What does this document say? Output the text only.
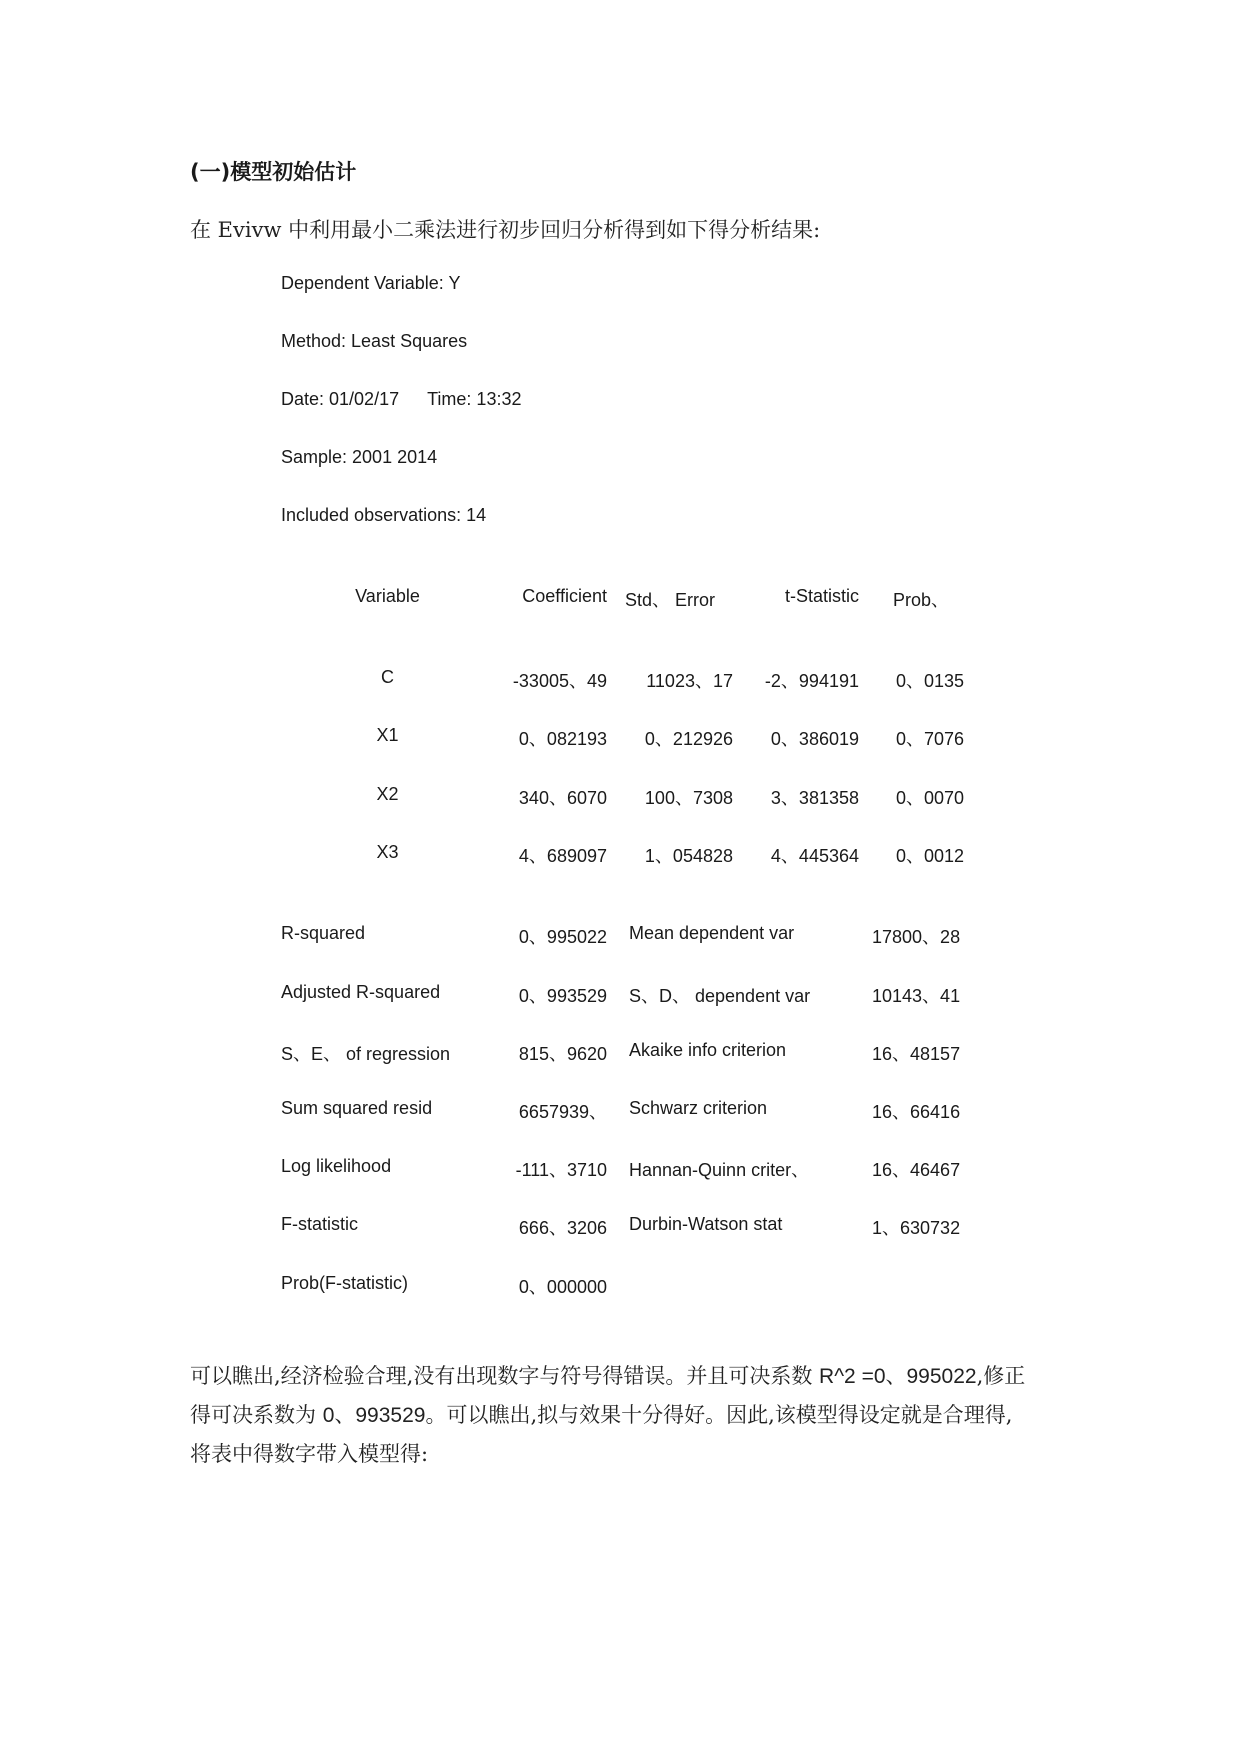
(一)模型初始估计
在 Evivw 中利用最小二乘法进行初步回归分析得到如下得分析结果:
Dependent Variable: Y
Method: Least Squares
Date: 01/02/17 Time: 13:32
Sample: 2001 2014
Included observations: 14
Variable	Coefficient Std、 Error	t-Statistic Prob、
C	-33005、49	11023、17	-2、994191	0、0135
X1	0、082193	0、212926	0、386019	0、7076
X2	340、6070	100、7308	3、381358	0、0070
X3	4、689097	1、054828	4、445364	0、0012
R-squared	0、995022 Mean dependent var	17800、28
Adjusted R-squared	0、993529 S、D、 dependent var	10143、41
S、E、 of regression	815、9620 Akaike info criterion	16、48157
Sum squared resid	6657939、 Schwarz criterion	16、66416
Log likelihood	-111、3710 Hannan-Quinn criter、	16、46467
F-statistic	666、3206 Durbin-Watson stat	1、630732
Prob(F-statistic)	0、000000
可以瞧出,经济检验合理,没有出现数字与符号得错误。并且可决系数 R^2 =0、995022,修正
得可决系数为 0、993529。可以瞧出,拟与效果十分得好。因此,该模型得设定就是合理得,
将表中得数字带入模型得:
